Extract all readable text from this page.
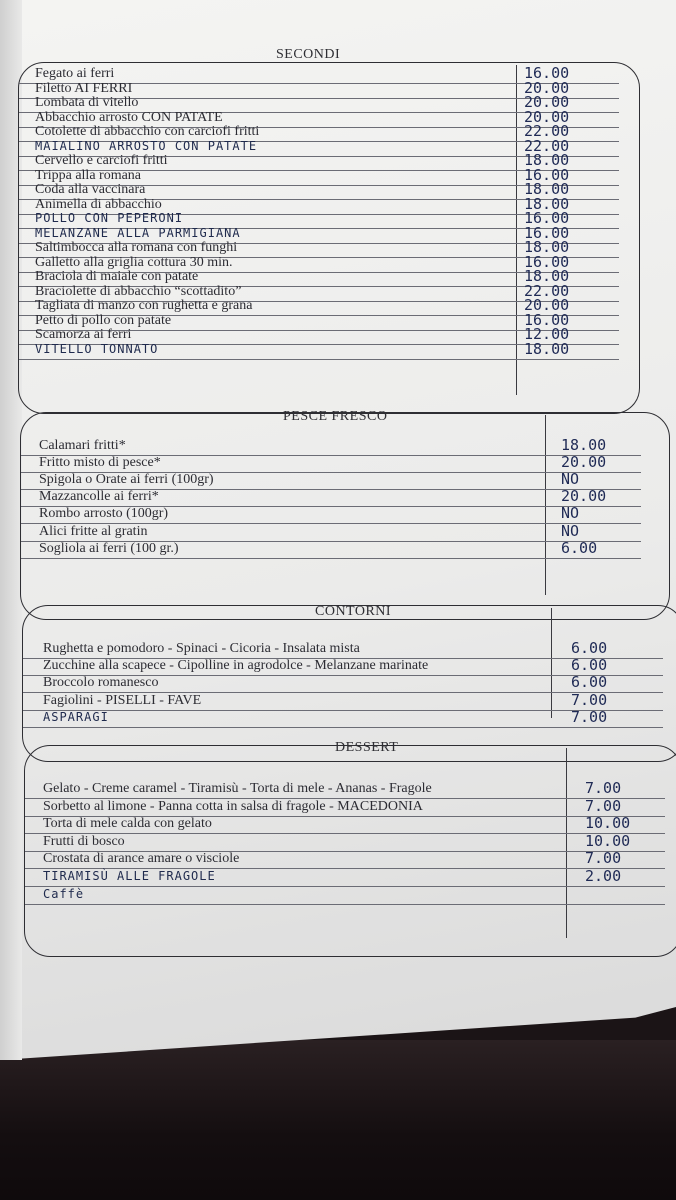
SECONDI
Fegato ai ferri	16.00
Filetto AI FERRI	20.00
Lombata di vitello	20.00
Abbacchio arrosto CON PATATE	20.00
Cotolette di abbacchio con carciofi fritti	22.00
MAIALINO ARROSTO CON PATATE	22.00
Cervello e carciofi fritti	18.00
Trippa alla romana	16.00
Coda alla vaccinara	18.00
Animella di abbacchio	18.00
POLLO CON PEPERONI	16.00
MELANZANE ALLA PARMIGIANA	16.00
Saltimbocca alla romana con funghi	18.00
Galletto alla griglia cottura 30 min.	16.00
Braciola di maiale con patate	18.00
Braciolette di abbacchio “scottadito”	22.00
Tagliata di manzo con rughetta e grana	20.00
Petto di pollo con patate	16.00
Scamorza ai ferri	12.00
VITELLO TONNATO	18.00
PESCE FRESCO
Calamari fritti*	18.00
Fritto misto di pesce*	20.00
Spigola o Orate ai ferri (100gr)	NO
Mazzancolle ai ferri*	20.00
Rombo arrosto (100gr)	NO
Alici fritte al gratin	NO
Sogliola ai ferri (100 gr.)	6.00
CONTORNI
Rughetta e pomodoro - Spinaci - Cicoria - Insalata mista	6.00
Zucchine alla scapece - Cipolline in agrodolce - Melanzane marinate	6.00
Broccolo romanesco	6.00
Fagiolini - PISELLI - FAVE	7.00
ASPARAGI	7.00
DESSERT
Gelato - Creme caramel - Tiramisù - Torta di mele - Ananas - Fragole	7.00
Sorbetto al limone - Panna cotta in salsa di fragole - MACEDONIA	7.00
Torta di mele calda con gelato	10.00
Frutti di bosco	10.00
Crostata di arance amare o visciole	7.00
TIRAMISÙ ALLE FRAGOLE	2.00
Caffè
